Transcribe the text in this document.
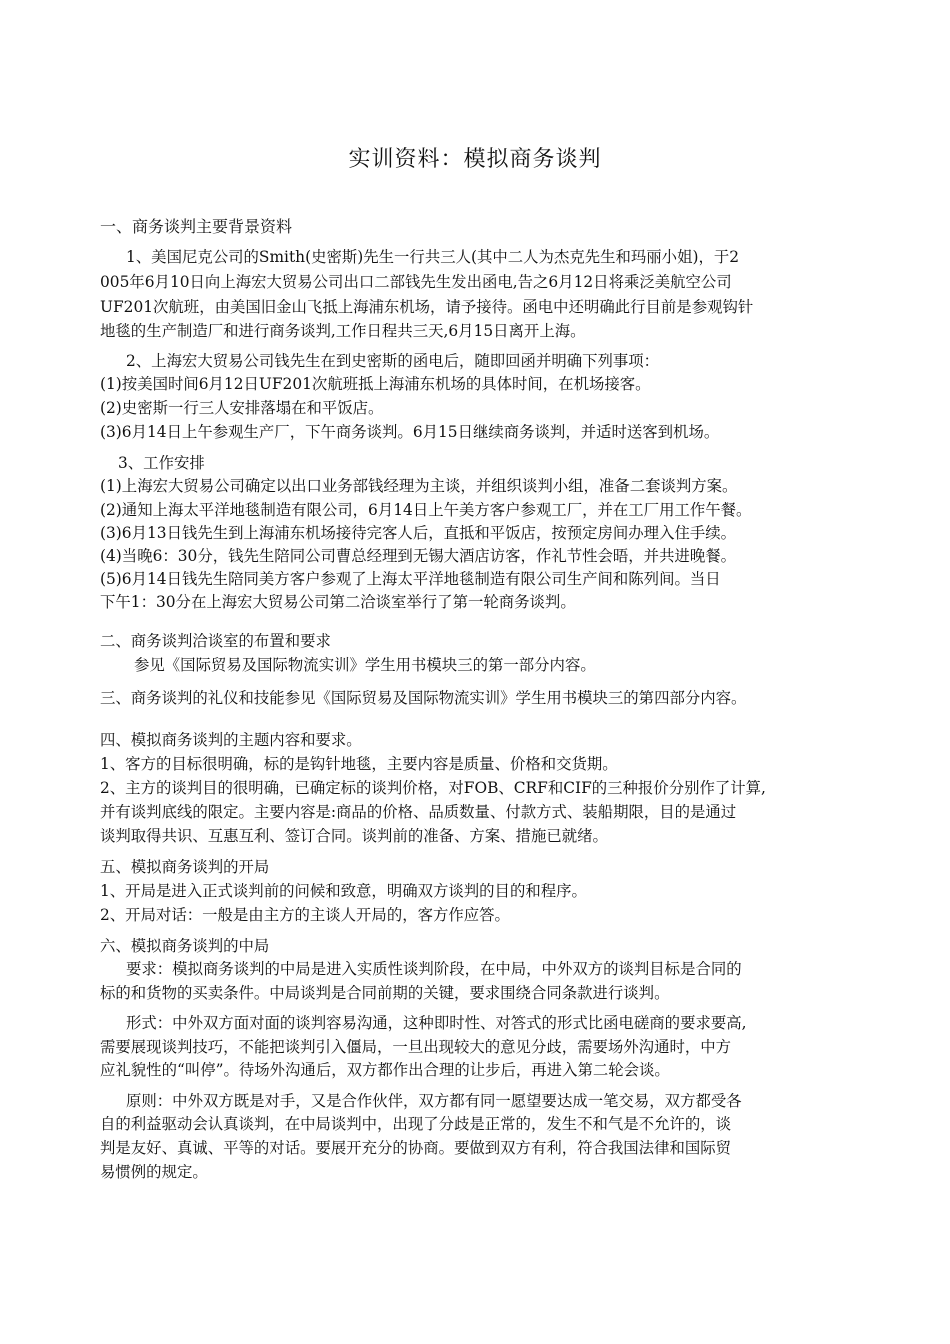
实训资料：模拟商务谈判
一、商务谈判主要背景资料
1、美国尼克公司的Smith(史密斯)先生一行共三人(其中二人为杰克先生和玛丽小姐)，于2
005年6月10日向上海宏大贸易公司出口二部钱先生发出函电,告之6月12日将乘泛美航空公司
UF201次航班，由美国旧金山飞抵上海浦东机场，请予接待。函电中还明确此行目前是参观钩针
地毯的生产制造厂和进行商务谈判,工作日程共三天,6月15日离开上海。
2、上海宏大贸易公司钱先生在到史密斯的函电后，随即回函并明确下列事项：
(1)按美国时间6月12日UF201次航班抵上海浦东机场的具体时间，在机场接客。
(2)史密斯一行三人安排落塌在和平饭店。
(3)6月14日上午参观生产厂，下午商务谈判。6月15日继续商务谈判，并适时送客到机场。
3、工作安排
(1)上海宏大贸易公司确定以出口业务部钱经理为主谈，并组织谈判小组，准备二套谈判方案。
(2)通知上海太平洋地毯制造有限公司，6月14日上午美方客户参观工厂，并在工厂用工作午餐。
(3)6月13日钱先生到上海浦东机场接待完客人后，直抵和平饭店，按预定房间办理入住手续。
(4)当晚6：30分，钱先生陪同公司曹总经理到无锡大酒店访客，作礼节性会晤，并共进晚餐。
(5)6月14日钱先生陪同美方客户参观了上海太平洋地毯制造有限公司生产间和陈列间。当日
下午1：30分在上海宏大贸易公司第二洽谈室举行了第一轮商务谈判。
二、商务谈判洽谈室的布置和要求
参见《国际贸易及国际物流实训》学生用书模块三的第一部分内容。
三、商务谈判的礼仪和技能参见《国际贸易及国际物流实训》学生用书模块三的第四部分内容。
四、模拟商务谈判的主题内容和要求。
1、客方的目标很明确，标的是钩针地毯，主要内容是质量、价格和交货期。
2、主方的谈判目的很明确，已确定标的谈判价格，对FOB、CRF和CIF的三种报价分别作了计算,
并有谈判底线的限定。主要内容是:商品的价格、品质数量、付款方式、装船期限，目的是通过
谈判取得共识、互惠互利、签订合同。谈判前的准备、方案、措施已就绪。
五、模拟商务谈判的开局
1、开局是进入正式谈判前的问候和致意，明确双方谈判的目的和程序。
2、开局对话：一般是由主方的主谈人开局的，客方作应答。
六、模拟商务谈判的中局
要求：模拟商务谈判的中局是进入实质性谈判阶段，在中局，中外双方的谈判目标是合同的
标的和货物的买卖条件。中局谈判是合同前期的关键，要求围绕合同条款进行谈判。
形式：中外双方面对面的谈判容易沟通，这种即时性、对答式的形式比函电磋商的要求要高,
需要展现谈判技巧，不能把谈判引入僵局，一旦出现较大的意见分歧，需要场外沟通时，中方
应礼貌性的“叫停”。待场外沟通后，双方都作出合理的让步后，再进入第二轮会谈。
原则：中外双方既是对手，又是合作伙伴，双方都有同一愿望要达成一笔交易，双方都受各
自的利益驱动会认真谈判，在中局谈判中，出现了分歧是正常的，发生不和气是不允许的，谈
判是友好、真诚、平等的对话。要展开充分的协商。要做到双方有利，符合我国法律和国际贸
易惯例的规定。
